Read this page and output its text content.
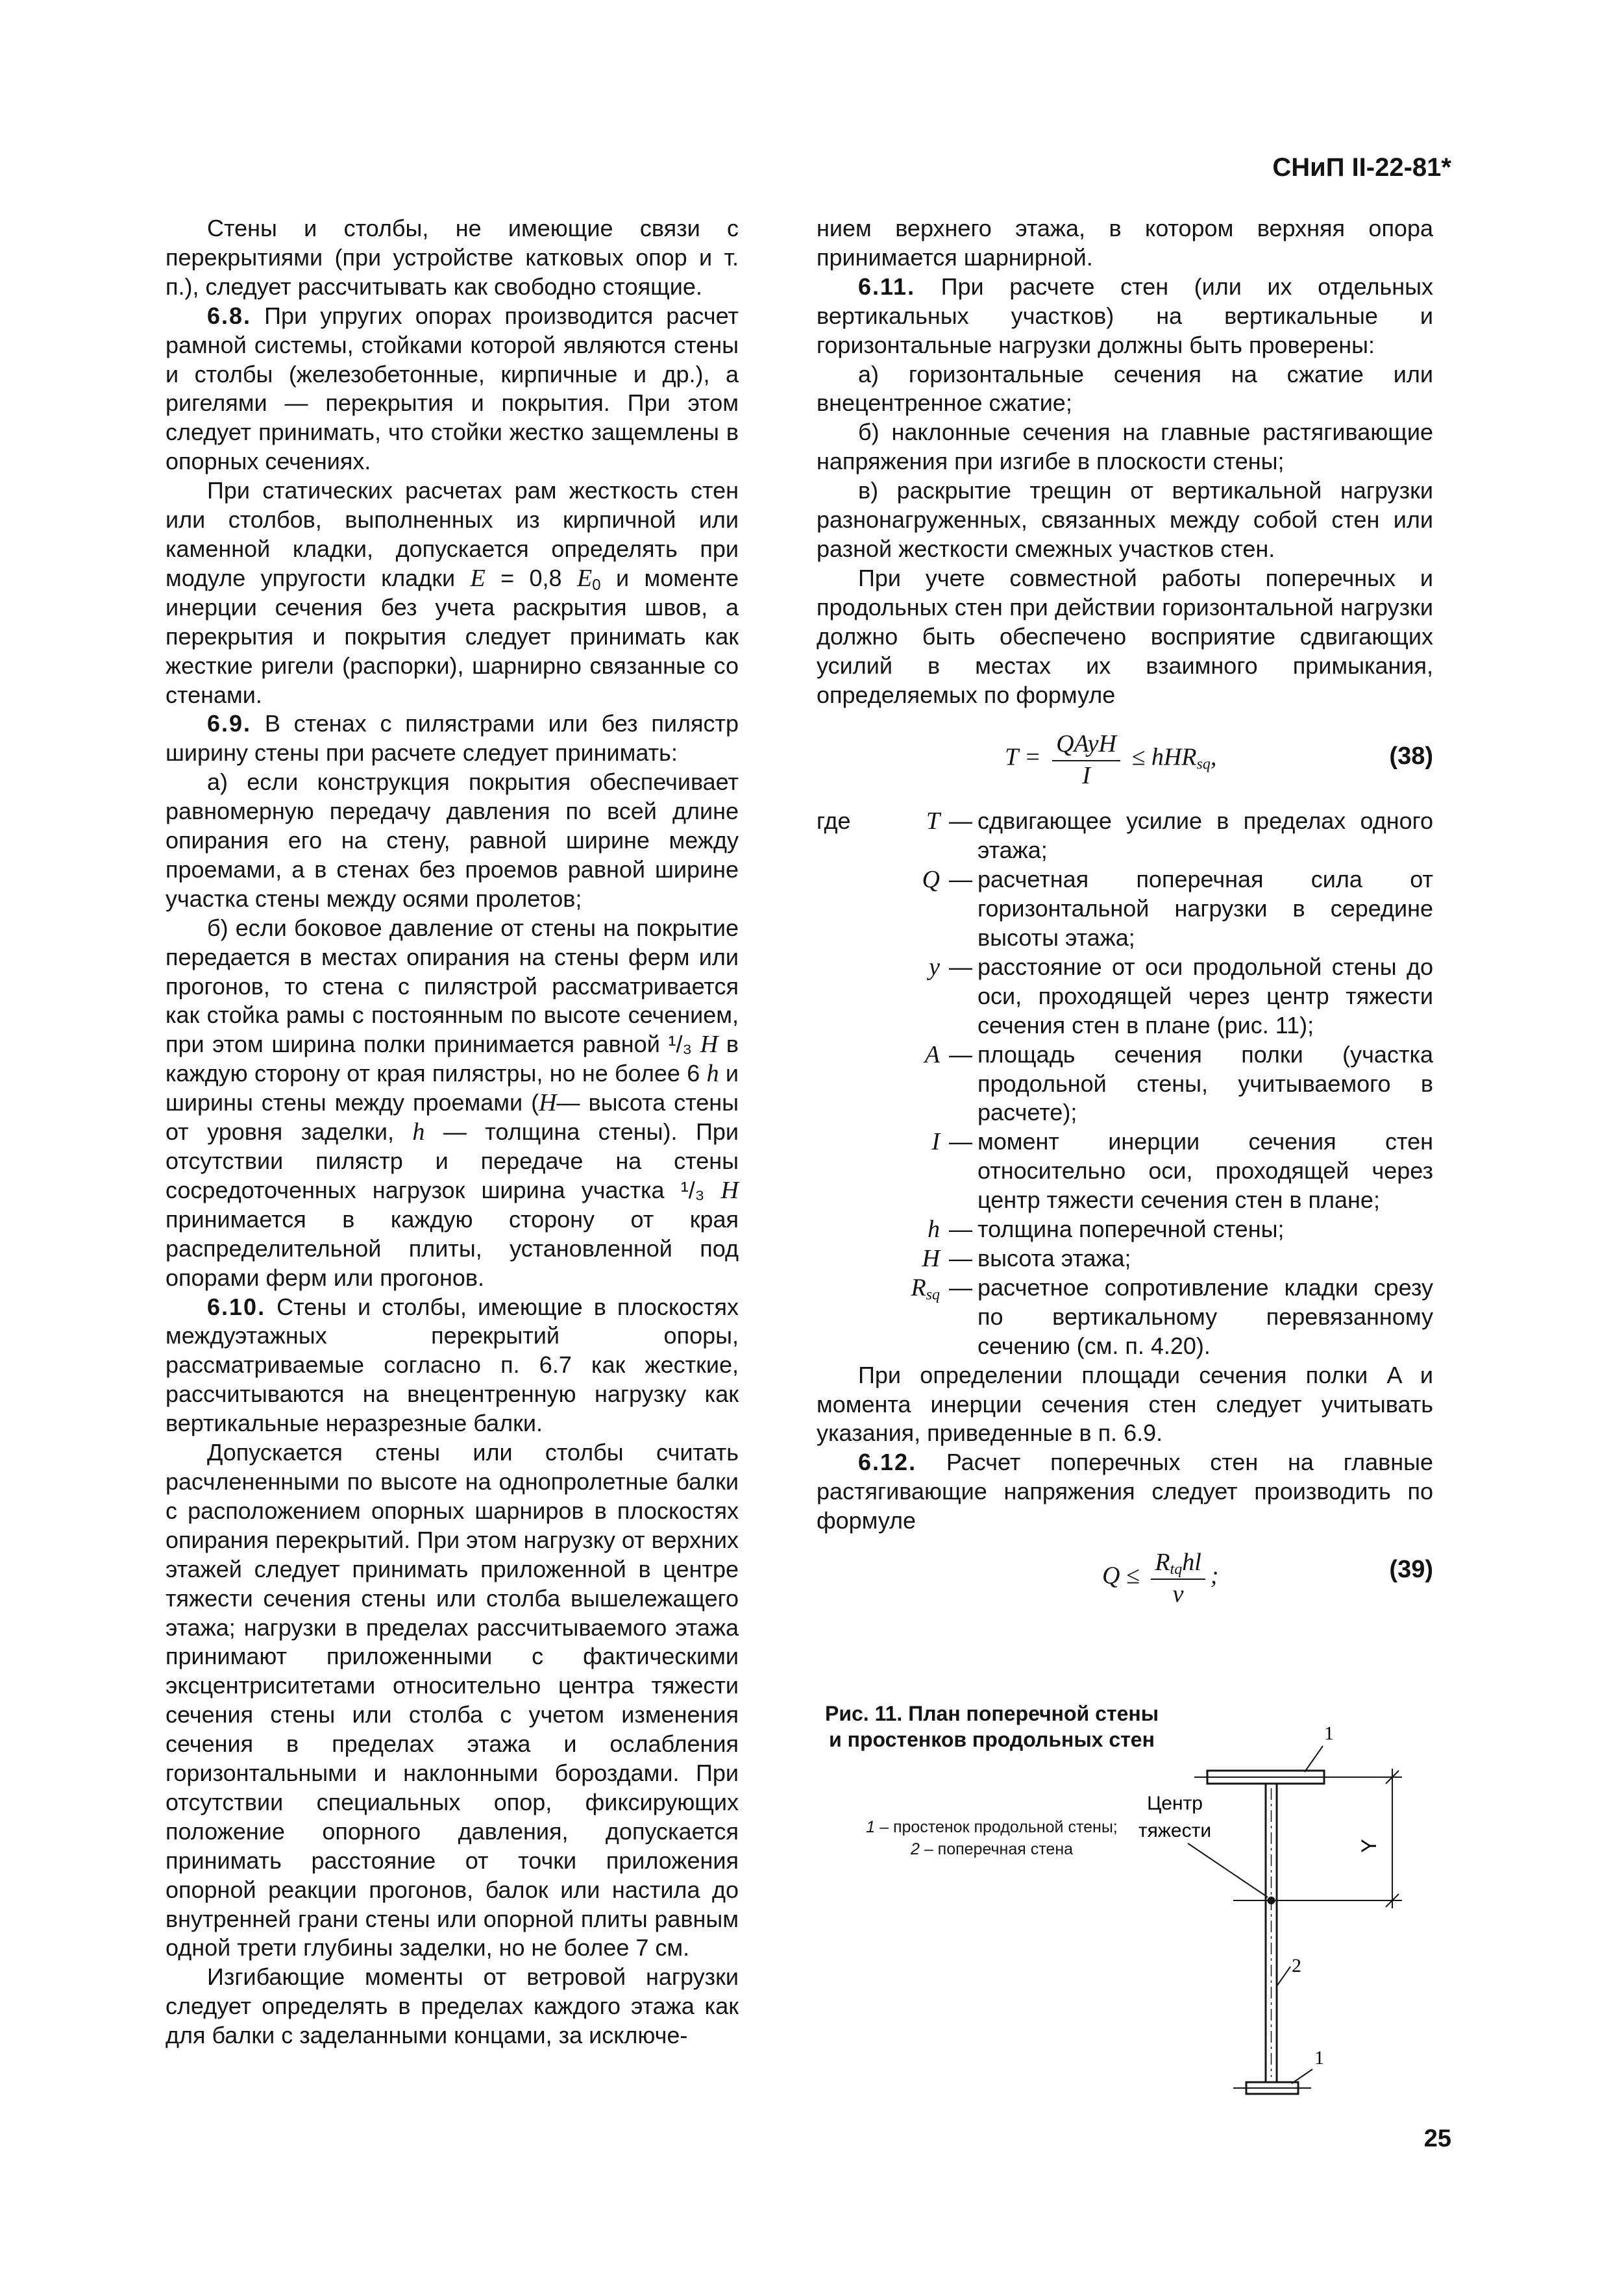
СНиП II-22-81*

Стены и столбы, не имеющие связи с перекрытиями (при устройстве катковых опор и т. п.), следует рассчитывать как свободно стоящие.

6.8. При упругих опорах производится расчет рамной системы, стойками которой являются стены и столбы (железобетонные, кирпичные и др.), а ригелями — перекрытия и покрытия. При этом следует принимать, что стойки жестко защемлены в опорных сечениях.

При статических расчетах рам жесткость стен или столбов, выполненных из кирпичной или каменной кладки, допускается определять при модуле упругости кладки E = 0,8 $E_0$ и моменте инерции сечения без учета раскрытия швов, а перекрытия и покрытия следует принимать как жесткие ригели (распорки), шарнирно связанные со стенами.

6.9. В стенах с пилястрами или без пилястр ширину стены при расчете следует принимать:

а) если конструкция покрытия обеспечивает равномерную передачу давления по всей длине опирания его на стену, равной ширине между проемами, а в стенах без проемов равной ширине участка стены между осями пролетов;

б) если боковое давление от стены на покрытие передается в местах опирания на стены ферм или прогонов, то стена с пилястрой рассматривается как стойка рамы с постоянным по высоте сечением, при этом ширина полки принимается равной ¹/₃ H в каждую сторону от края пилястры, но не более 6 h и ширины стены между проемами (H— высота стены от уровня заделки, h — толщина стены). При отсутствии пилястр и передаче на стены сосредоточенных нагрузок ширина участка ¹/₃ H принимается в каждую сторону от края распределительной плиты, установленной под опорами ферм или прогонов.

6.10. Стены и столбы, имеющие в плоскостях междуэтажных перекрытий опоры, рассматриваемые согласно п. 6.7 как жесткие, рассчитываются на внецентренную нагрузку как вертикальные неразрезные балки.

Допускается стены или столбы считать расчлененными по высоте на однопролетные балки с расположением опорных шарниров в плоскостях опирания перекрытий. При этом нагрузку от верхних этажей следует принимать приложенной в центре тяжести сечения стены или столба вышележащего этажа; нагрузки в пределах рассчитываемого этажа принимают приложенными с фактическими эксцентриситетами относительно центра тяжести сечения стены или столба с учетом изменения сечения в пределах этажа и ослабления горизонтальными и наклонными бороздами. При отсутствии специальных опор, фиксирующих положение опорного давления, допускается принимать расстояние от точки приложения опорной реакции прогонов, балок или настила до внутренней грани стены или опорной плиты равным одной трети глубины заделки, но не более 7 см.

Изгибающие моменты от ветровой нагрузки следует определять в пределах каждого этажа как для балки с заделанными концами, за исключе-

нием верхнего этажа, в котором верхняя опора принимается шарнирной.

6.11. При расчете стен (или их отдельных вертикальных участков) на вертикальные и горизонтальные нагрузки должны быть проверены:

а) горизонтальные сечения на сжатие или внецентренное сжатие;

б) наклонные сечения на главные растягивающие напряжения при изгибе в плоскости стены;

в) раскрытие трещин от вертикальной нагрузки разнонагруженных, связанных между собой стен или разной жесткости смежных участков стен.

При учете совместной работы поперечных и продольных стен при действии горизонтальной нагрузки должно быть обеспечено восприятие сдвигающих усилий в местах их взаимного примыкания, определяемых по формуле

$T = \frac{\text{QAyH}}{I} \le hHR_{sq}$,	(38)
где	T — сдвигающее усилие в пределах одного этажа;
Q — расчетная поперечная сила от горизонтальной нагрузки в середине высоты этажа;
y — расстояние от оси продольной стены до оси, проходящей через центр тяжести сечения стен в плане (рис. 11);
A — площадь сечения полки (участка продольной стены, учитываемого в расчете);
I — момент инерции сечения стен относительно оси, проходящей через центр тяжести сечения стен в плане;
h — толщина поперечной стены;
H — высота этажа;
$R_{sq}$ — расчетное сопротивление кладки срезу по вертикальному перевязанному сечению (см. п. 4.20).

При определении площади сечения полки A и момента инерции сечения стен следует учитывать указания, приведенные в п. 6.9.

6.12. Расчет поперечных стен на главные растягивающие напряжения следует производить по формуле

$Q \le \frac{R_{tq}hl}{v}$ ;	(39)
Рис. 11. План поперечной стены и простенков продольных стен
1 – простенок продольной стены;
2 – поперечная стена	Y
1
Центр
тяжести
2
1
25
